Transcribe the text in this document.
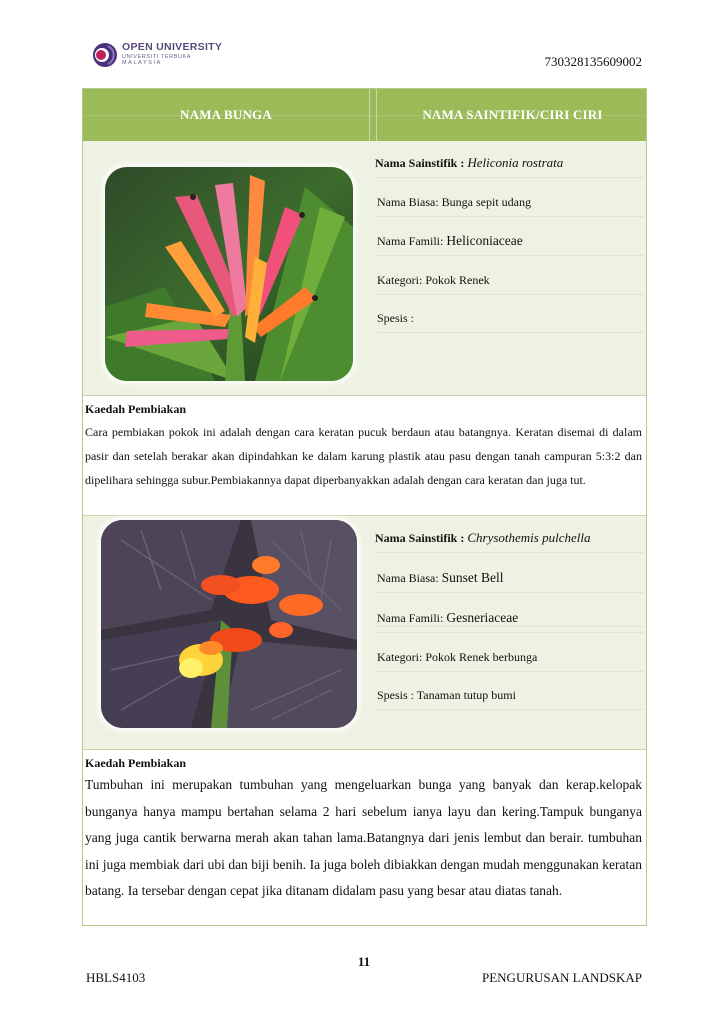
OPEN UNIVERSITY
UNIVERSITI TERBUKA
MALAYSIA	730328135609002
NAMA BUNGA	NAMA SAINTIFIK/CIRI CIRI
Nama Sainstifik : Heliconia rostrata
Nama Biasa: Bunga sepit udang
Nama Famili: Heliconiaceae
Kategori: Pokok Renek
Spesis :
Kaedah Pembiakan
Cara pembiakan pokok ini adalah dengan cara keratan pucuk berdaun atau batangnya. Keratan disemai di dalam pasir dan setelah berakar akan dipindahkan ke dalam karung plastik atau pasu dengan tanah campuran 5:3:2 dan dipelihara sehingga subur.Pembiakannya dapat diperbanyakkan adalah dengan cara keratan dan juga tut.
Nama Sainstifik : Chrysothemis pulchella
Nama Biasa: Sunset Bell
Nama Famili: Gesneriaceae
Kategori: Pokok Renek berbunga
Spesis : Tanaman tutup bumi
Kaedah Pembiakan
Tumbuhan ini merupakan tumbuhan yang mengeluarkan bunga yang banyak dan kerap.kelopak bunganya hanya mampu bertahan selama 2 hari sebelum ianya layu dan kering.Tampuk bunganya yang juga cantik berwarna merah akan tahan lama.Batangnya dari jenis lembut dan berair. tumbuhan ini juga membiak dari ubi dan biji benih. Ia juga boleh dibiakkan dengan mudah menggunakan keratan batang. Ia tersebar dengan cepat jika ditanam didalam pasu yang besar atau diatas tanah.
11
HBLS4103	PENGURUSAN LANDSKAP
